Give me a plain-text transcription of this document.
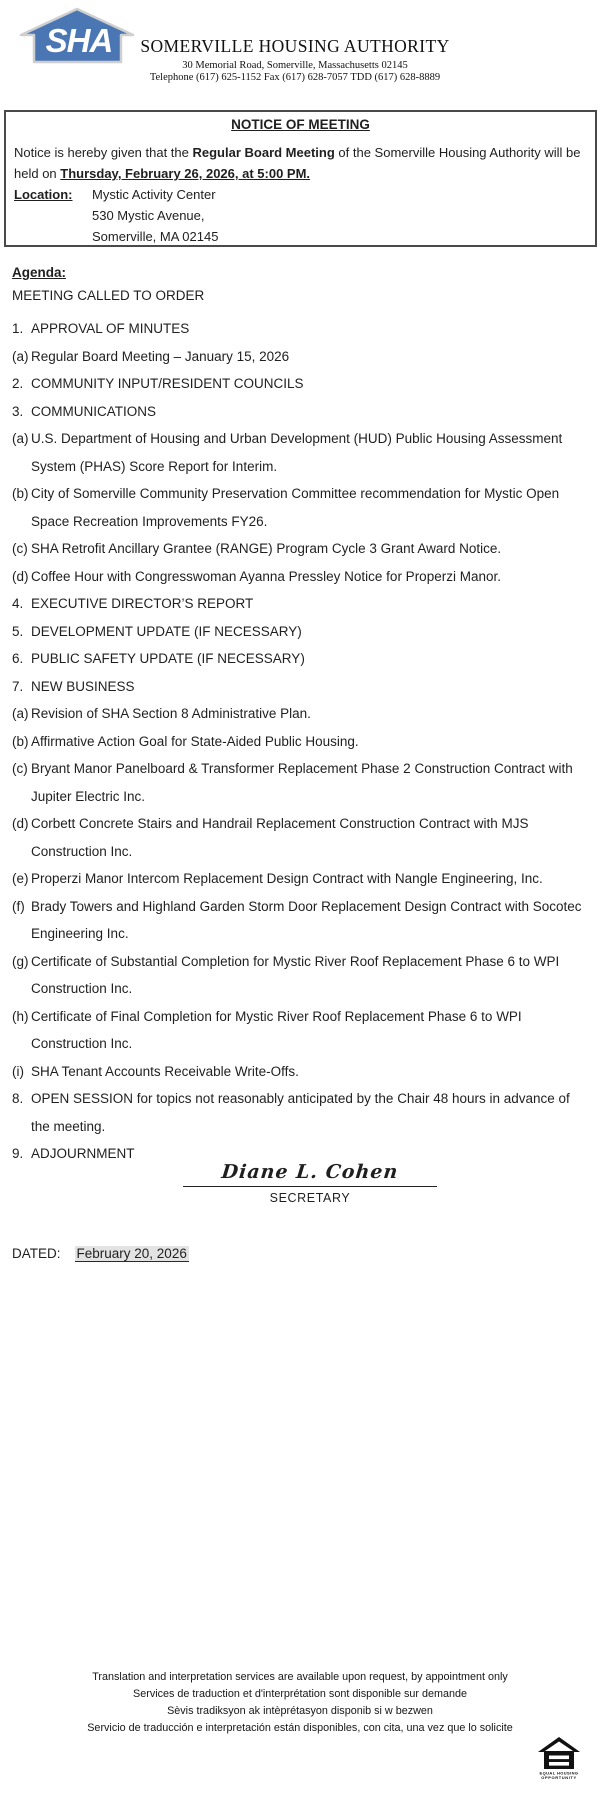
SHA	SOMERVILLE HOUSING AUTHORITY
30 Memorial Road, Somerville, Massachusetts 02145
Telephone (617) 625-1152 Fax (617) 628-7057 TDD (617) 628-8889
NOTICE OF MEETING
Notice is hereby given that the Regular Board Meeting of the Somerville Housing Authority will be held on Thursday, February 26, 2026, at 5:00 PM.
Location:	Mystic Activity Center
530 Mystic Avenue,
Somerville, MA 02145
Agenda:
MEETING CALLED TO ORDER
1. APPROVAL OF MINUTES
(a) Regular Board Meeting – January 15, 2026
2. COMMUNITY INPUT/RESIDENT COUNCILS
3. COMMUNICATIONS
(a) U.S. Department of Housing and Urban Development (HUD) Public Housing Assessment System (PHAS) Score Report for Interim.
(b) City of Somerville Community Preservation Committee recommendation for Mystic Open Space Recreation Improvements FY26.
(c) SHA Retrofit Ancillary Grantee (RANGE) Program Cycle 3 Grant Award Notice.
(d) Coffee Hour with Congresswoman Ayanna Pressley Notice for Properzi Manor.
4. EXECUTIVE DIRECTOR’S REPORT
5. DEVELOPMENT UPDATE (IF NECESSARY)
6. PUBLIC SAFETY UPDATE (IF NECESSARY)
7. NEW BUSINESS
(a) Revision of SHA Section 8 Administrative Plan.
(b) Affirmative Action Goal for State-Aided Public Housing.
(c) Bryant Manor Panelboard & Transformer Replacement Phase 2 Construction Contract with Jupiter Electric Inc.
(d) Corbett Concrete Stairs and Handrail Replacement Construction Contract with MJS Construction Inc.
(e) Properzi Manor Intercom Replacement Design Contract with Nangle Engineering, Inc.
(f) Brady Towers and Highland Garden Storm Door Replacement Design Contract with Socotec Engineering Inc.
(g) Certificate of Substantial Completion for Mystic River Roof Replacement Phase 6 to WPI Construction Inc.
(h) Certificate of Final Completion for Mystic River Roof Replacement Phase 6 to WPI Construction Inc.
(i) SHA Tenant Accounts Receivable Write-Offs.
8. OPEN SESSION for topics not reasonably anticipated by the Chair 48 hours in advance of the meeting.
9. ADJOURNMENT
Diane L. Cohen
SECRETARY
DATED: February 20, 2026
Translation and interpretation services are available upon request, by appointment only
Services de traduction et d'interprétation sont disponible sur demande
Sèvis tradiksyon ak intèprétasyon disponib si w bezwen
Servicio de traducción e interpretación están disponibles, con cita, una vez que lo solicite
EQUAL HOUSING
OPPORTUNITY
